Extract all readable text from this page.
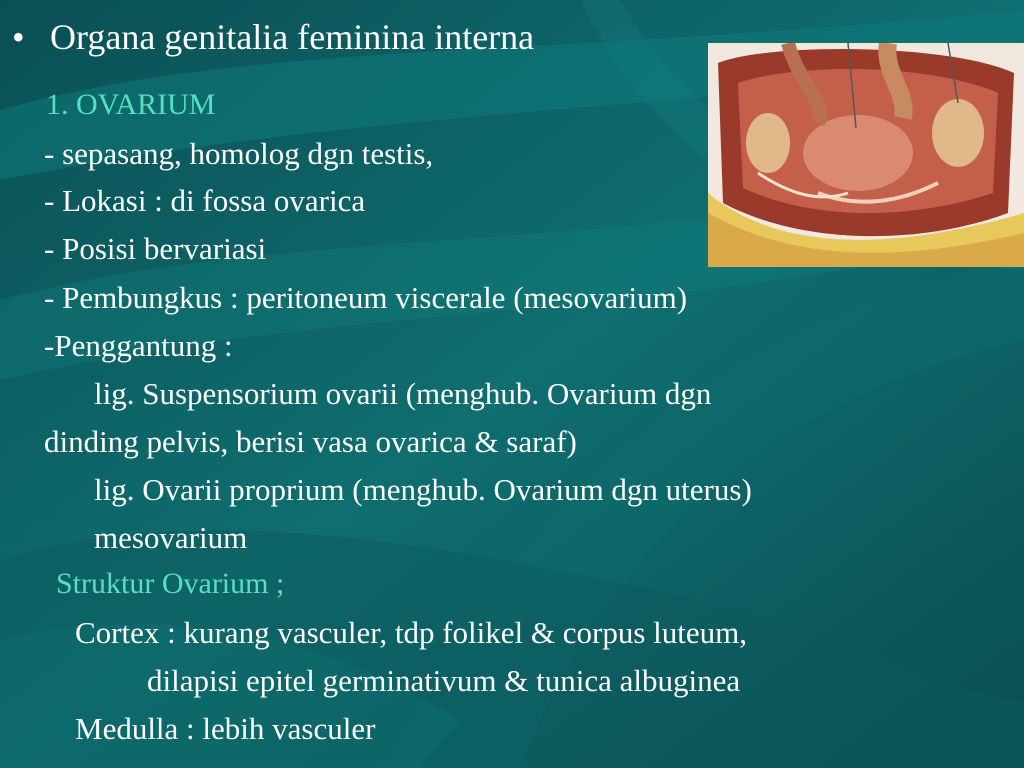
• Organa genitalia feminina interna

1. OVARIUM

- sepasang, homolog dgn testis,

- Lokasi : di fossa ovarica

- Posisi bervariasi

- Pembungkus : peritoneum viscerale (mesovarium)

-Penggantung :

lig. Suspensorium ovarii (menghub. Ovarium dgn

dinding pelvis, berisi vasa ovarica & saraf)

lig. Ovarii proprium (menghub. Ovarium dgn uterus)

mesovarium

Struktur Ovarium ;

Cortex : kurang vasculer, tdp folikel & corpus luteum,

dilapisi epitel germinativum & tunica albuginea

Medulla : lebih vasculer
